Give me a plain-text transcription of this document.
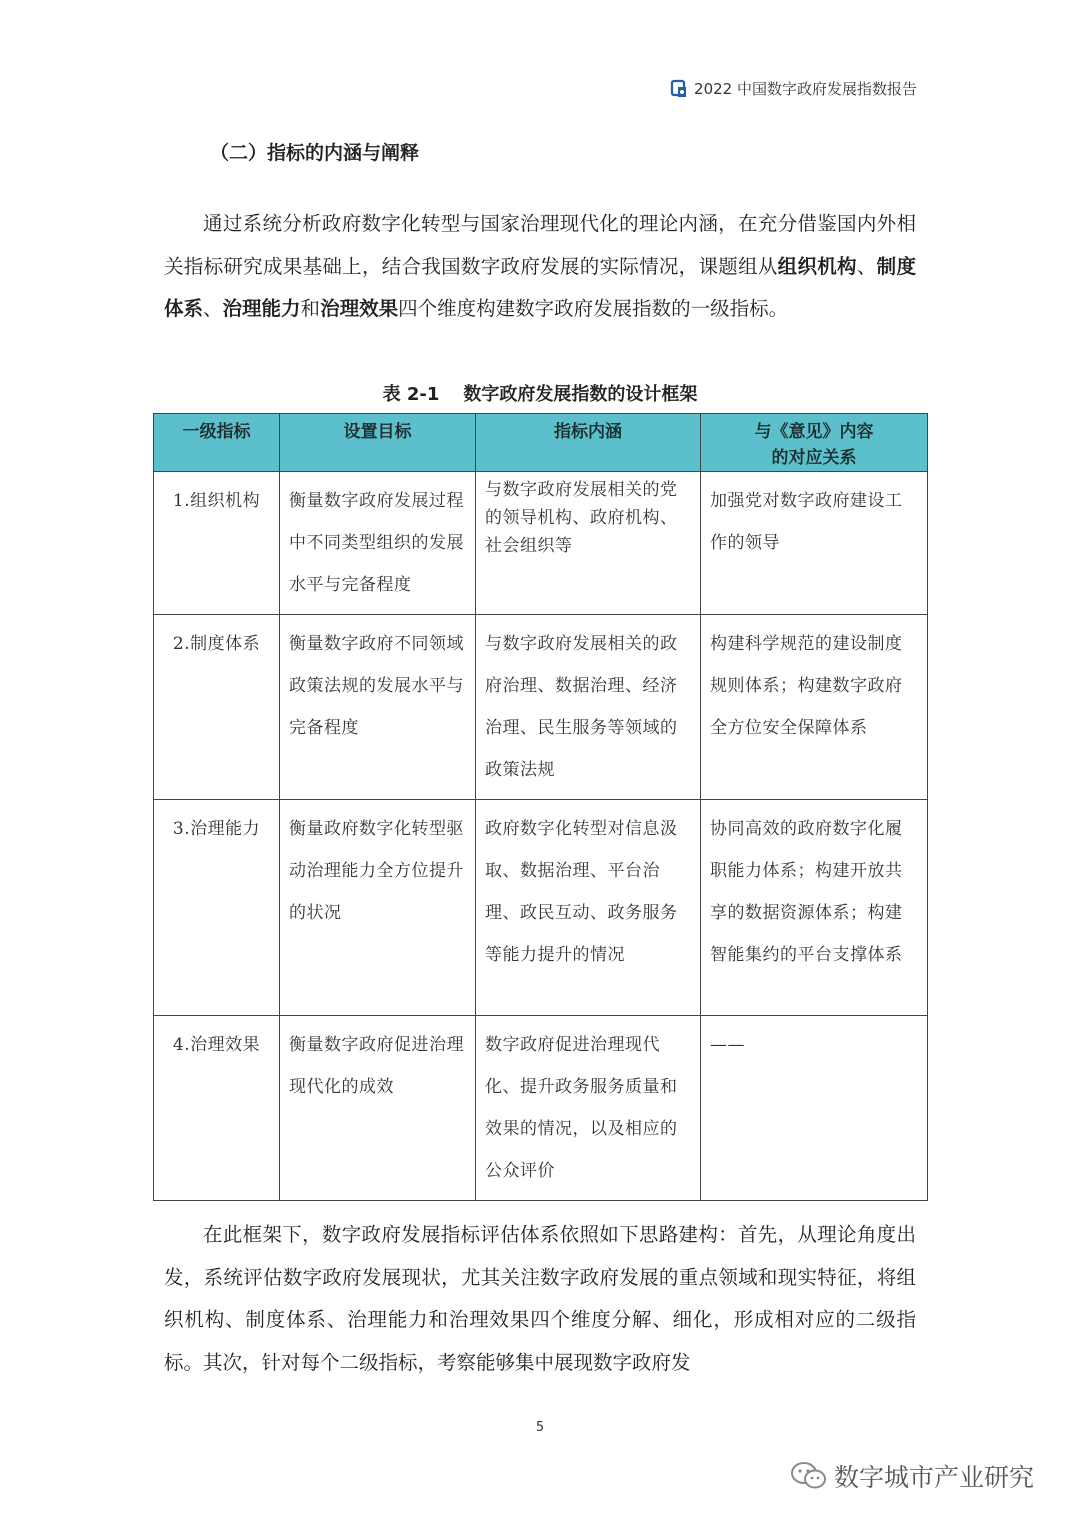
2022 中国数字政府发展指数报告
（二）指标的内涵与阐释

通过系统分析政府数字化转型与国家治理现代化的理论内涵，在充分借鉴国内外相关指标研究成果基础上，结合我国数字政府发展的实际情况，课题组从组织机构、制度体系、治理能力和治理效果四个维度构建数字政府发展指数的一级指标。

表 2-1 数字政府发展指数的设计框架
一级指标	设置目标	指标内涵	与《意见》内容
的对应关系
1.组织机构	衡量数字政府发展过程中不同类型组织的发展水平与完备程度	与数字政府发展相关的党的领导机构、政府机构、社会组织等	加强党对数字政府建设工作的领导
2.制度体系	衡量数字政府不同领域政策法规的发展水平与完备程度	与数字政府发展相关的政府治理、数据治理、经济治理、民生服务等领域的政策法规	构建科学规范的建设制度规则体系；构建数字政府全方位安全保障体系
3.治理能力	衡量政府数字化转型驱动治理能力全方位提升的状况	政府数字化转型对信息汲取、数据治理、平台治理、政民互动、政务服务等能力提升的情况	协同高效的政府数字化履职能力体系；构建开放共享的数据资源体系；构建智能集约的平台支撑体系
4.治理效果	衡量数字政府促进治理现代化的成效	数字政府促进治理现代化、提升政务服务质量和效果的情况，以及相应的公众评价	——

在此框架下，数字政府发展指标评估体系依照如下思路建构：首先，从理论角度出发，系统评估数字政府发展现状，尤其关注数字政府发展的重点领域和现实特征，将组织机构、制度体系、治理能力和治理效果四个维度分解、细化，形成相对应的二级指标。其次，针对每个二级指标，考察能够集中展现数字政府发

5
数字城市产业研究
